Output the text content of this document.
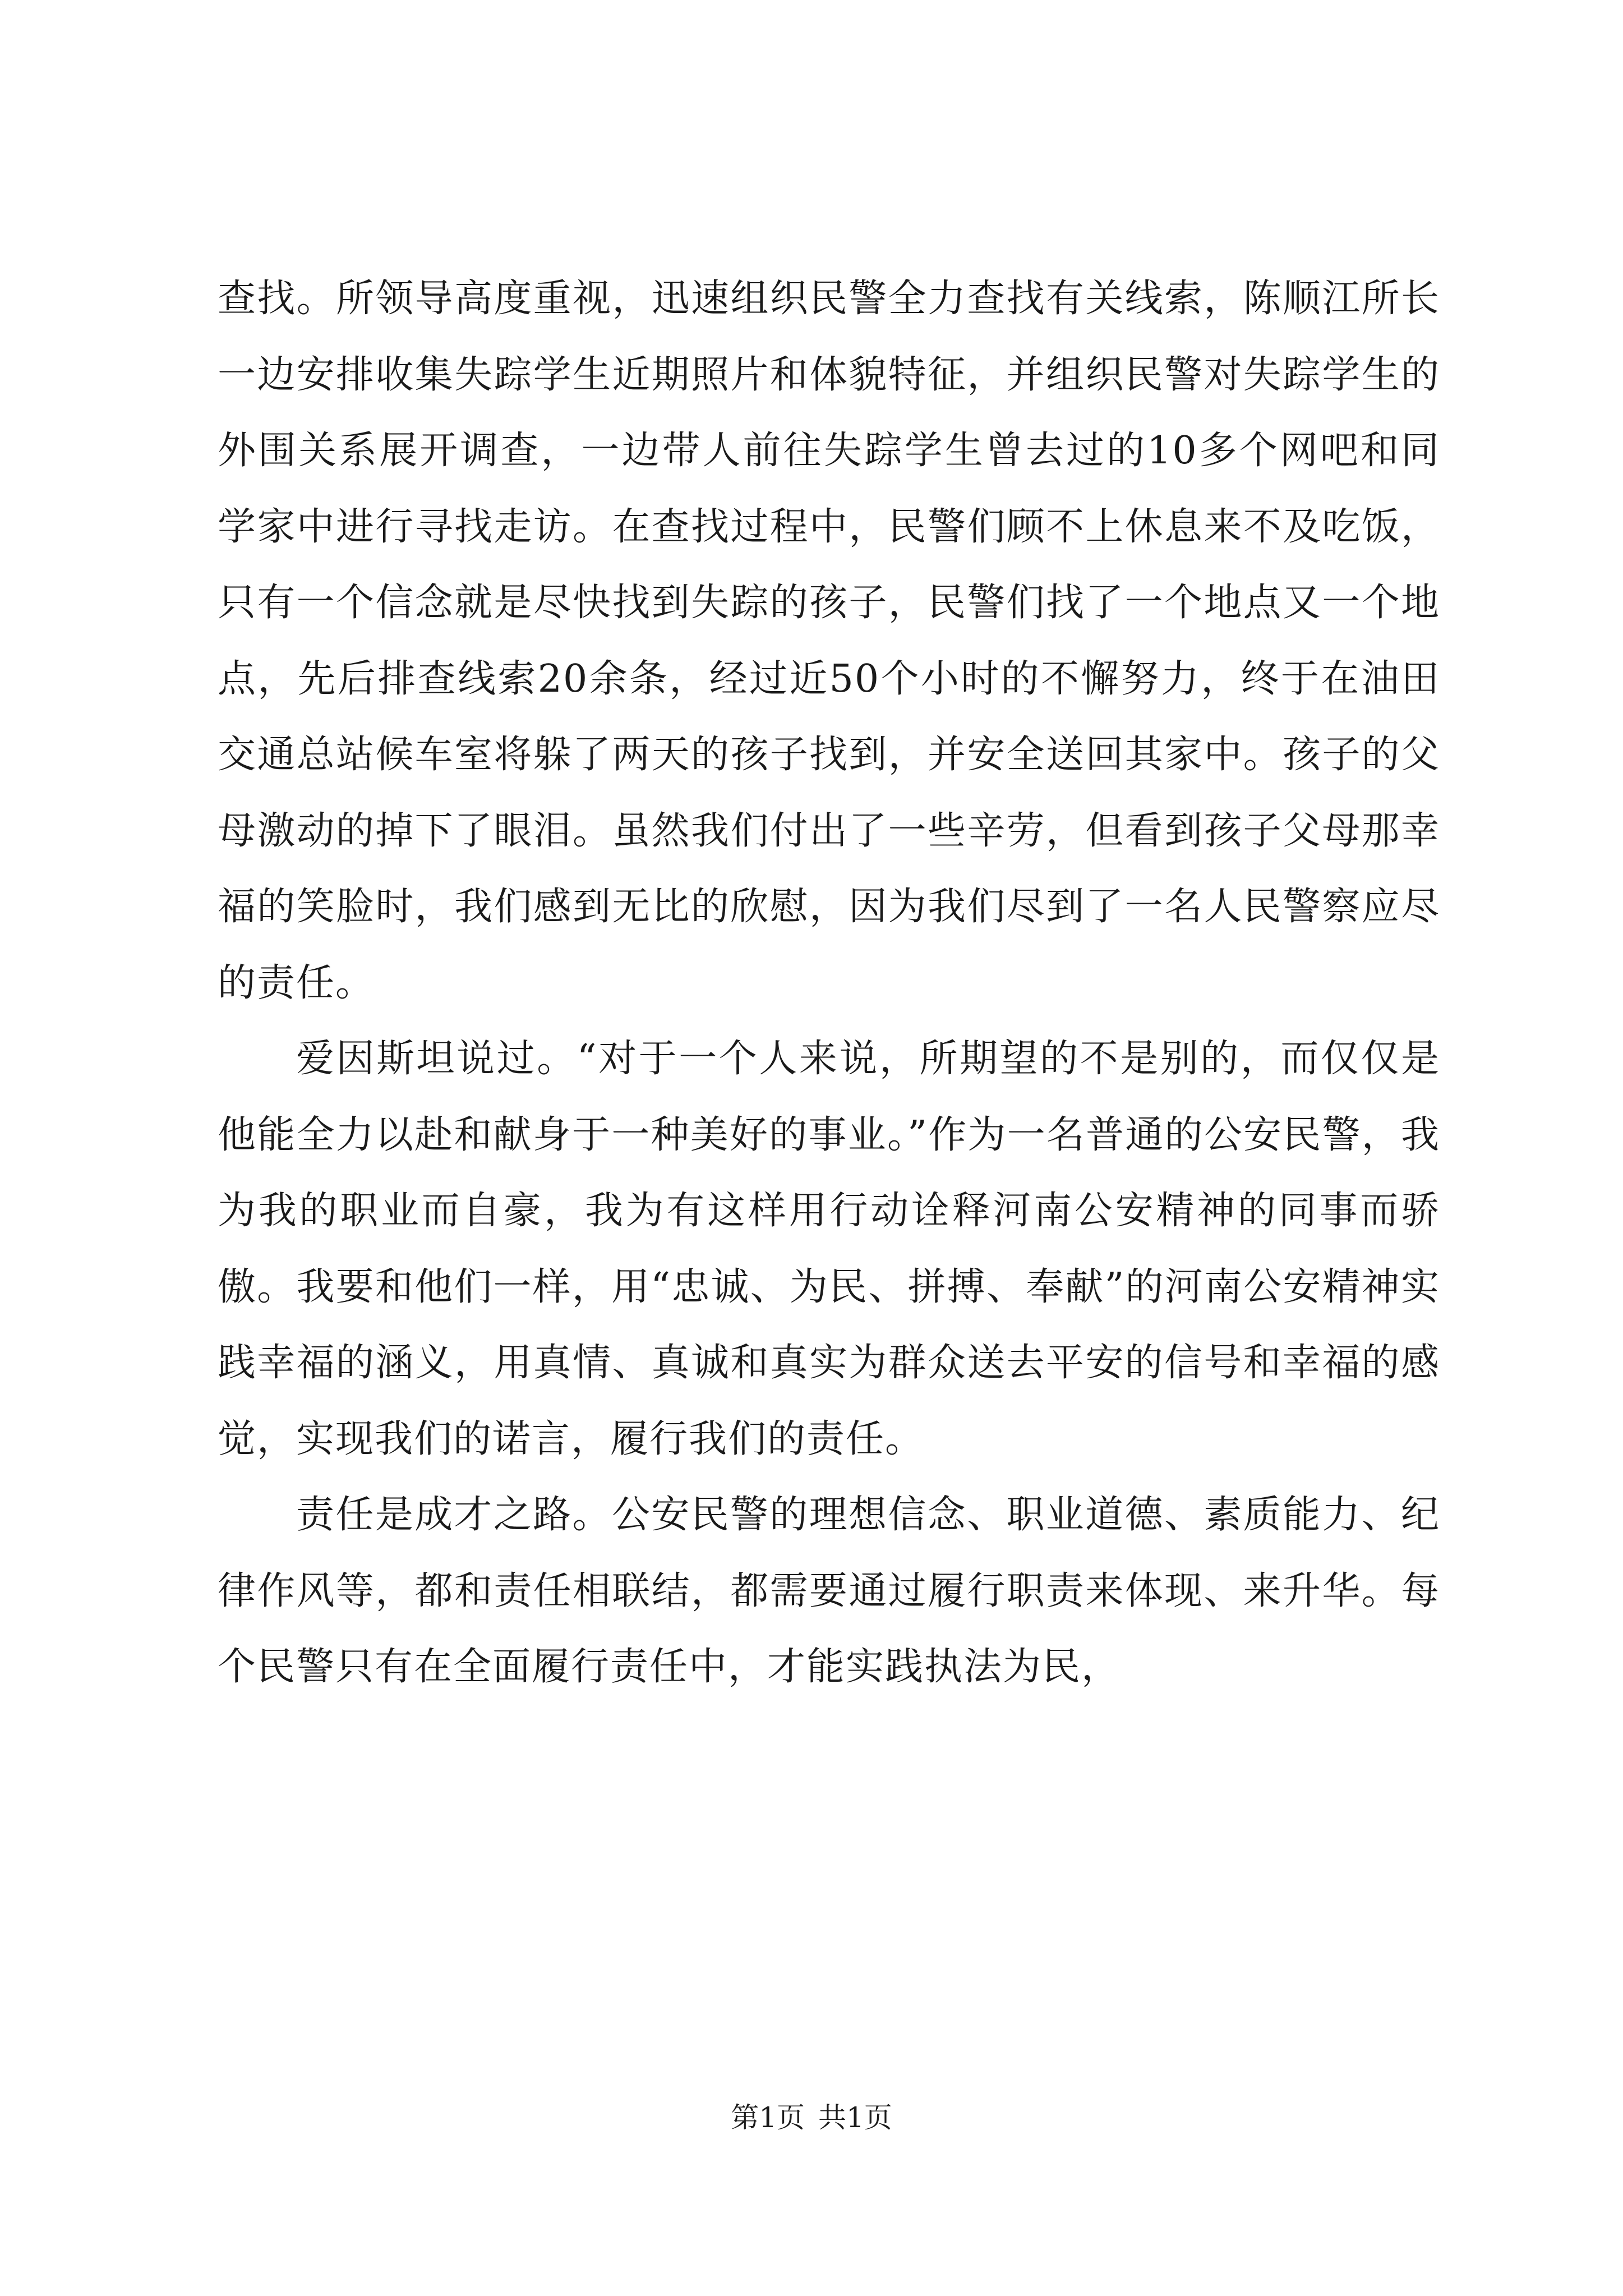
查找。所领导高度重视，迅速组织民警全力查找有关线索，陈顺江所长一边安排收集失踪学生近期照片和体貌特征，并组织民警对失踪学生的外围关系展开调查，一边带人前往失踪学生曾去过的10多个网吧和同学家中进行寻找走访。在查找过程中，民警们顾不上休息来不及吃饭，只有一个信念就是尽快找到失踪的孩子，民警们找了一个地点又一个地点，先后排查线索20余条，经过近50个小时的不懈努力，终于在油田交通总站候车室将躲了两天的孩子找到，并安全送回其家中。孩子的父母激动的掉下了眼泪。虽然我们付出了一些辛劳，但看到孩子父母那幸福的笑脸时，我们感到无比的欣慰，因为我们尽到了一名人民警察应尽的责任。

爱因斯坦说过。“对于一个人来说，所期望的不是别的，而仅仅是他能全力以赴和献身于一种美好的事业。”作为一名普通的公安民警，我为我的职业而自豪，我为有这样用行动诠释河南公安精神的同事而骄傲。我要和他们一样，用“忠诚、为民、拼搏、奉献”的河南公安精神实践幸福的涵义，用真情、真诚和真实为群众送去平安的信号和幸福的感觉，实现我们的诺言，履行我们的责任。

责任是成才之路。公安民警的理想信念、职业道德、素质能力、纪律作风等，都和责任相联结，都需要通过履行职责来体现、来升华。每个民警只有在全面履行责任中，才能实践执法为民，

第1页 共1页
